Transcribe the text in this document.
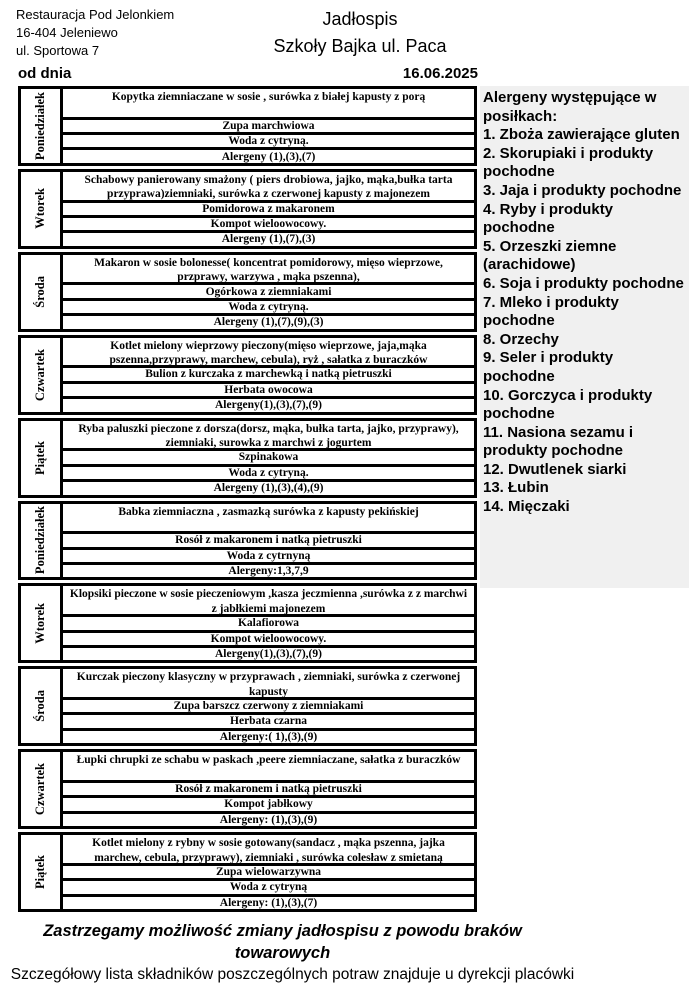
Restauracja Pod Jelonkiem
16-404 Jeleniewo
ul. Sportowa 7
Jadłospis
Szkoły Bajka ul. Paca
od dnia	16.06.2025
Poniedziałek	Kopytka ziemniaczane w sosie , surówka z białej kapusty z porą
Zupa marchwiowa
Woda z cytryną.
Alergeny (1),(3),(7)
Wtorek
Schabowy panierowany smażony ( piers drobiowa, jajko, mąka,bułka tarta przyprawa)ziemniaki, surówka z czerwonej kapusty z majonezem
Pomidorowa z makaronem
Kompot wieloowocowy.
Alergeny (1),(7),(3)
Środa
Makaron w sosie bolonesse( koncentrat pomidorowy, mięso wieprzowe, przprawy, warzywa , mąka pszenna),
Ogórkowa z ziemniakami
Woda z cytryną.
Alergeny (1),(7),(9),(3)
Czwartek
Kotlet mielony wieprzowy pieczony(mięso wieprzowe, jaja,mąka pszenna,przyprawy, marchew, cebula), ryż , sałatka z buraczków
Bulion z kurczaka z marchewką i natką pietruszki
Herbata owocowa
Alergeny(1),(3),(7),(9)
Piątek
Ryba paluszki pieczone z dorsza(dorsz, mąka, bułka tarta, jajko, przyprawy), ziemniaki, surowka z marchwi z jogurtem
Szpinakowa
Woda z cytryną.
Alergeny (1),(3),(4),(9)
Poniedziałek	Babka ziemniaczna , zasmazką surówka z kapusty pekińskiej
Rosół z makaronem i natką pietruszki
Woda z cytrnyną
Alergeny:1,3,7,9
Wtorek
Klopsiki pieczone w sosie pieczeniowym ,kasza jeczmienna ,surówka z z marchwi z jabłkiemi majonezem
Kalafiorowa
Kompot wieloowocowy.
Alergeny(1),(3),(7),(9)
Środa
Kurczak pieczony klasyczny w przyprawach , ziemniaki, surówka z czerwonej kapusty
Zupa barszcz czerwony z ziemniakami
Herbata czarna
Alergeny:( 1),(3),(9)
Czwartek
Łupki chrupki ze schabu w paskach ,peere ziemniaczane, sałatka z buraczków
Rosół z makaronem i natką pietruszki
Kompot jabłkowy
Alergeny: (1),(3),(9)
Piątek
Kotlet mielony z rybny w sosie gotowany(sandacz , mąka pszenna, jajka marchew, cebula, przyprawy), ziemniaki , surówka colesław z smietaną
Zupa wielowarzywna
Woda z cytryną
Alergeny: (1),(3),(7)
Alergeny występujące w posiłkach:
1. Zboża zawierające gluten
2. Skorupiaki i produkty pochodne
3. Jaja i produkty pochodne
4. Ryby i produkty pochodne
5. Orzeszki ziemne (arachidowe)
6. Soja i produkty pochodne
7. Mleko i produkty pochodne
8. Orzechy
9. Seler i produkty pochodne
10. Gorczyca i produkty pochodne
11. Nasiona sezamu i produkty pochodne
12. Dwutlenek siarki
13. Łubin
14. Mięczaki
Zastrzegamy możliwość zmiany jadłospisu z powodu braków towarowych
Szczegółowy lista składników poszczególnych potraw znajduje u dyrekcji placówki
